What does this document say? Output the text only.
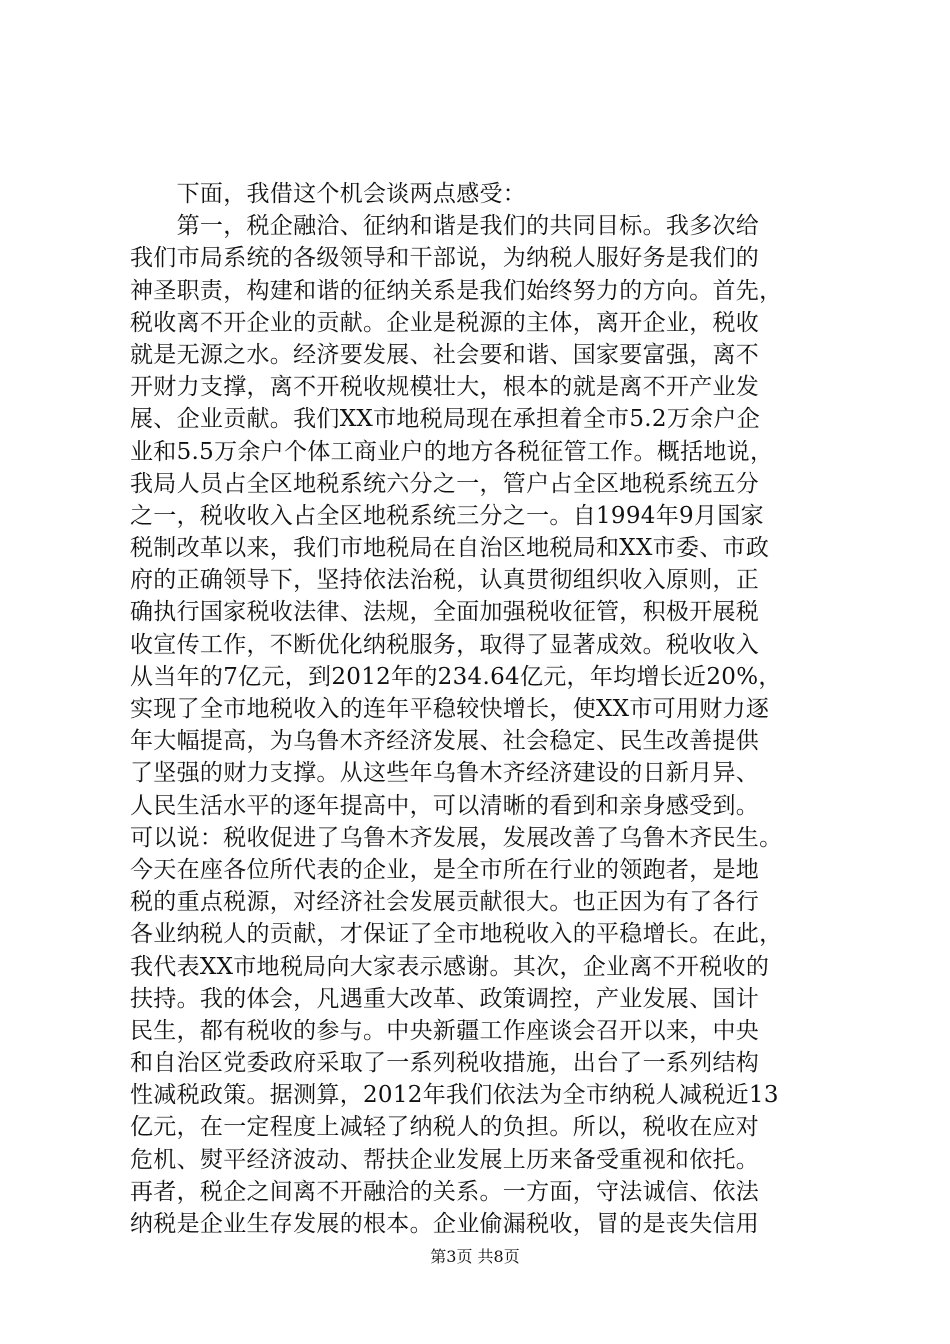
　　下面，我借这个机会谈两点感受：
　　第一，税企融洽、征纳和谐是我们的共同目标。我多次给
我们市局系统的各级领导和干部说，为纳税人服好务是我们的
神圣职责，构建和谐的征纳关系是我们始终努力的方向。首先，
税收离不开企业的贡献。企业是税源的主体，离开企业，税收
就是无源之水。经济要发展、社会要和谐、国家要富强，离不
开财力支撑，离不开税收规模壮大，根本的就是离不开产业发
展、企业贡献。我们XX市地税局现在承担着全市5.2万余户企
业和5.5万余户个体工商业户的地方各税征管工作。概括地说，
我局人员占全区地税系统六分之一，管户占全区地税系统五分
之一，税收收入占全区地税系统三分之一。自1994年9月国家
税制改革以来，我们市地税局在自治区地税局和XX市委、市政
府的正确领导下，坚持依法治税，认真贯彻组织收入原则，正
确执行国家税收法律、法规，全面加强税收征管，积极开展税
收宣传工作，不断优化纳税服务，取得了显著成效。税收收入
从当年的7亿元，到2012年的234.64亿元，年均增长近20%，
实现了全市地税收入的连年平稳较快增长，使XX市可用财力逐
年大幅提高，为乌鲁木齐经济发展、社会稳定、民生改善提供
了坚强的财力支撑。从这些年乌鲁木齐经济建设的日新月异、
人民生活水平的逐年提高中，可以清晰的看到和亲身感受到。
可以说：税收促进了乌鲁木齐发展，发展改善了乌鲁木齐民生。
今天在座各位所代表的企业，是全市所在行业的领跑者，是地
税的重点税源，对经济社会发展贡献很大。也正因为有了各行
各业纳税人的贡献，才保证了全市地税收入的平稳增长。在此，
我代表XX市地税局向大家表示感谢。其次，企业离不开税收的
扶持。我的体会，凡遇重大改革、政策调控，产业发展、国计
民生，都有税收的参与。中央新疆工作座谈会召开以来，中央
和自治区党委政府采取了一系列税收措施，出台了一系列结构
性减税政策。据测算，2012年我们依法为全市纳税人减税近13
亿元，在一定程度上减轻了纳税人的负担。所以，税收在应对
危机、熨平经济波动、帮扶企业发展上历来备受重视和依托。
再者，税企之间离不开融洽的关系。一方面，守法诚信、依法
纳税是企业生存发展的根本。企业偷漏税收，冒的是丧失信用
第3页 共8页
